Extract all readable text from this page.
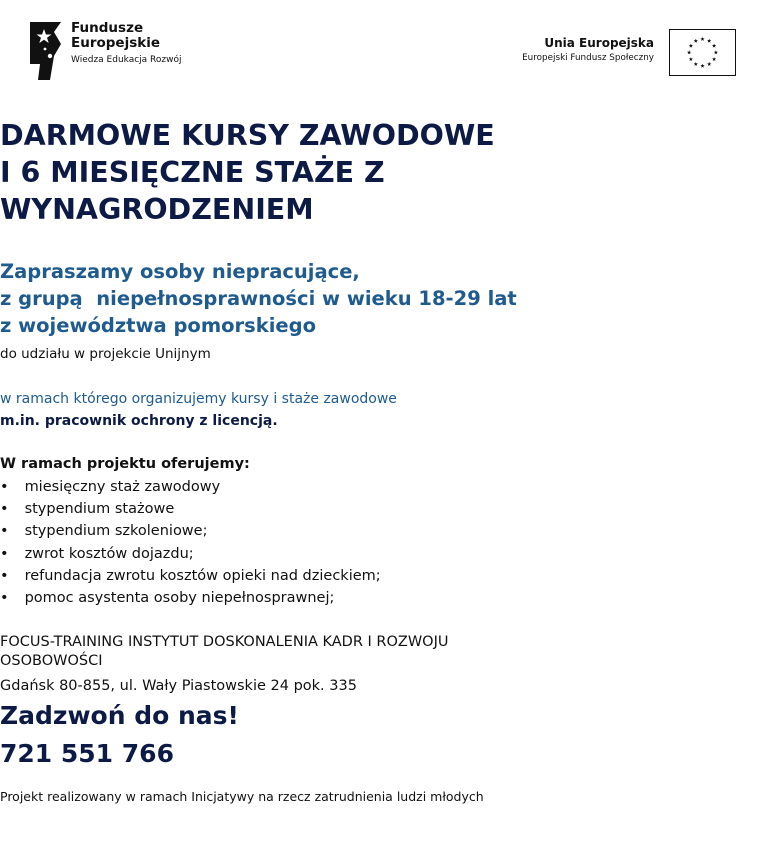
Fundusze
Europejskie
Wiedza Edukacja Rozwój
Unia Europejska
Europejski Fundusz Społeczny
DARMOWE KURSY ZAWODOWE
I 6 MIESIĘCZNE STAŻE Z
WYNAGRODZENIEM
Zapraszamy osoby niepracujące,
z grupą  niepełnosprawności w wieku 18-29 lat
z województwa pomorskiego
do udziału w projekcie Unijnym
w ramach którego organizujemy kursy i staże zawodowe
m.in. pracownik ochrony z licencją.
W ramach projektu oferujemy:
• miesięczny staż zawodowy
• stypendium stażowe
• stypendium szkoleniowe;
• zwrot kosztów dojazdu;
• refundacja zwrotu kosztów opieki nad dzieckiem;
• pomoc asystenta osoby niepełnosprawnej;
FOCUS-TRAINING INSTYTUT DOSKONALENIA KADR I ROZWOJU
OSOBOWOŚCI
Gdańsk 80-855, ul. Wały Piastowskie 24 pok. 335
Zadzwoń do nas!
721 551 766
Projekt realizowany w ramach Inicjatywy na rzecz zatrudnienia ludzi młodych
